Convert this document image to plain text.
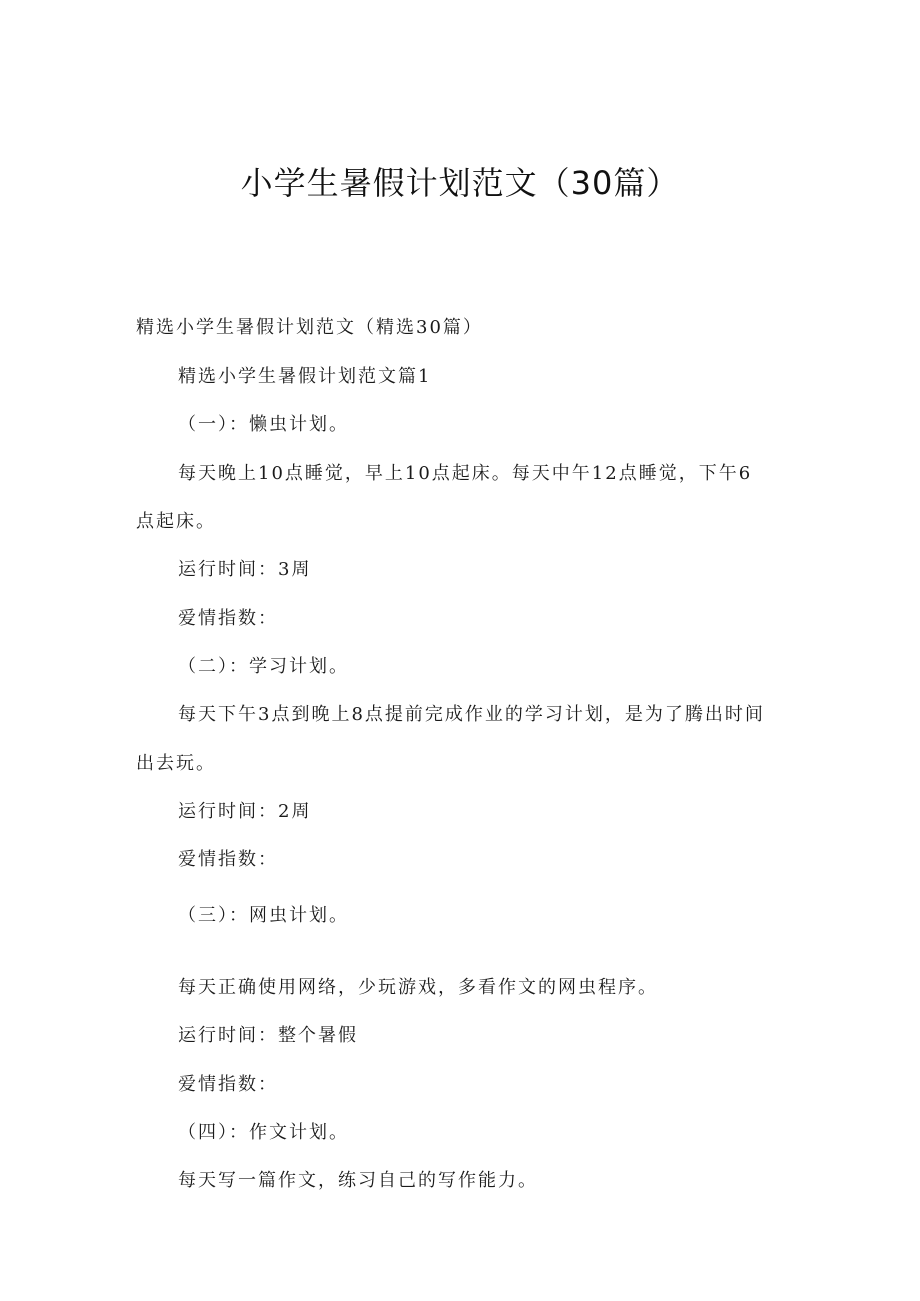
小学生暑假计划范文（30篇）
精选小学生暑假计划范文（精选30篇）
精选小学生暑假计划范文篇1
（一）：懒虫计划。
每天晚上10点睡觉，早上10点起床。每天中午12点睡觉，下午6
点起床。
运行时间：3周
爱情指数：
（二）：学习计划。
每天下午3点到晚上8点提前完成作业的学习计划，是为了腾出时间
出去玩。
运行时间：2周
爱情指数：
（三）：网虫计划。
每天正确使用网络，少玩游戏，多看作文的网虫程序。
运行时间：整个暑假
爱情指数：
（四）：作文计划。
每天写一篇作文，练习自己的写作能力。
